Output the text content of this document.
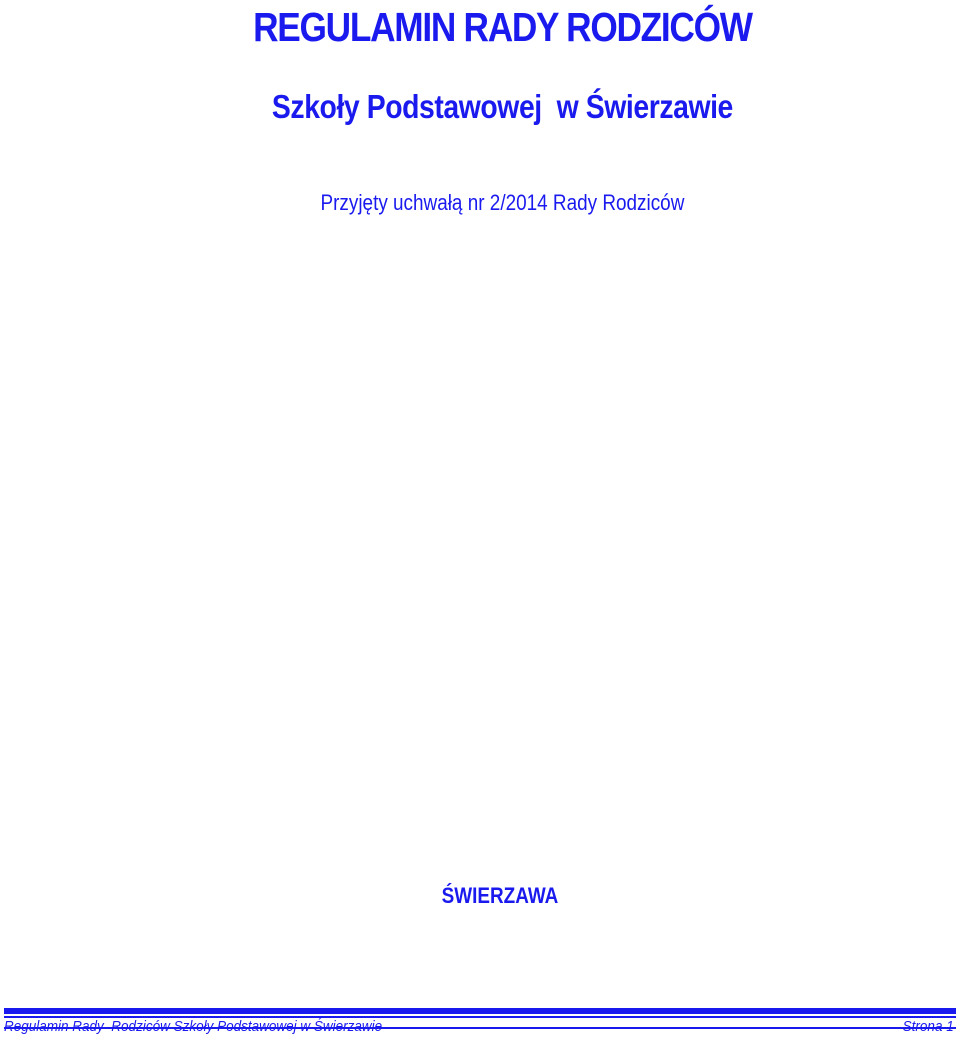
REGULAMIN RADY RODZICÓW
Szkoły Podstawowej  w Świerzawie
Przyjęty uchwałą nr 2/2014 Rady Rodziców
ŚWIERZAWA
